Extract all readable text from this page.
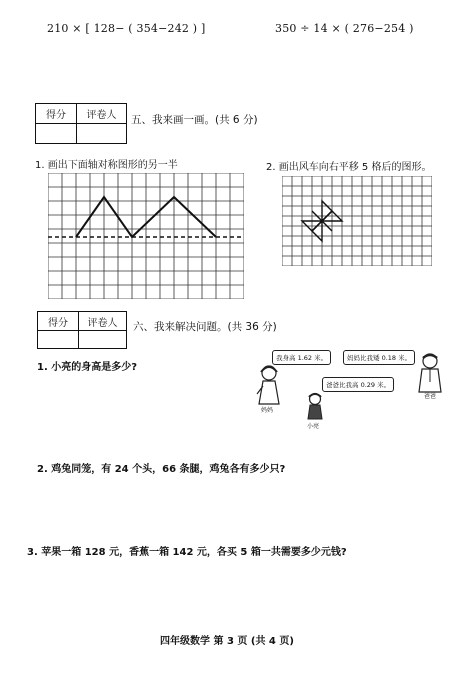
210 × [ 128− ( 354−242 ) ]	350 ÷ 14 × ( 276−254 )
得分	评卷人
	五、我来画一画。(共 6 分)
1. 画出下面轴对称图形的另一半	2. 画出风车向右平移 5 格后的图形。
得分	评卷人
	六、我来解决问题。(共 36 分)
1. 小亮的身高是多少?
我身高 1.62 米。	妈妈比我矮 0.18 米。
爸爸比我高 0.29 米。
妈妈
爸爸
小亮
2. 鸡兔同笼，有 24 个头，66 条腿，鸡兔各有多少只?
3. 苹果一箱 128 元，香蕉一箱 142 元，各买 5 箱一共需要多少元钱?
四年级数学 第 3 页 (共 4 页)
